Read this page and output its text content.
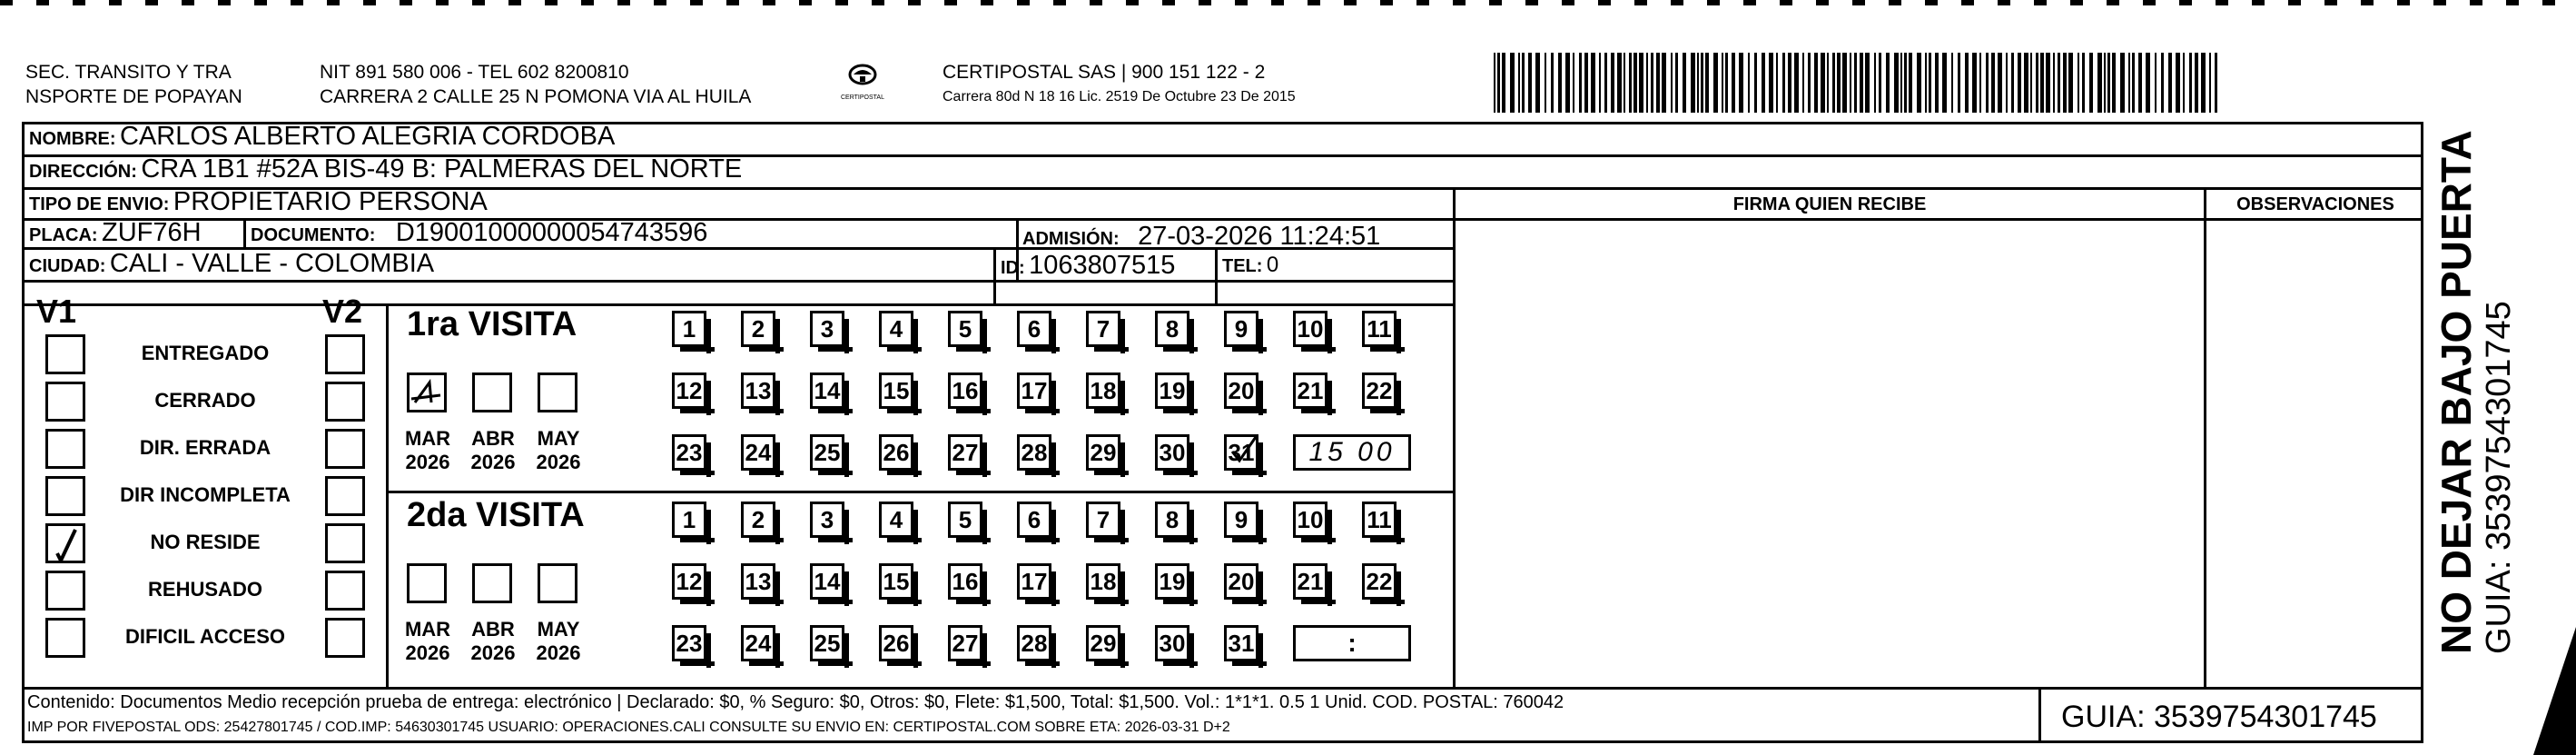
SEC. TRANSITO Y TRA
NSPORTE DE POPAYAN
NIT 891 580 006 - TEL 602 8200810
CARRERA 2 CALLE 25 N POMONA VIA AL HUILA	CERTIPOSTAL
CERTIPOSTAL SAS | 900 151 122 - 2
Carrera 80d N 18 16 Lic. 2519 De Octubre 23 De 2015
NOMBRE: CARLOS ALBERTO ALEGRIA CORDOBA
DIRECCIÓN: CRA 1B1 #52A BIS-49 B: PALMERAS DEL NORTE
TIPO DE ENVIO: PROPIETARIO PERSONA
PLACA: ZUF76H	DOCUMENTO: D19001000000054743596	ADMISIÓN: 27-03-2026 11:24:51
CIUDAD: CALI - VALLE - COLOMBIA	ID: 1063807515	TEL: 0
FIRMA QUIEN RECIBE	OBSERVACIONES
V1	V2
ENTREGADO
CERRADO
DIR. ERRADA
DIR INCOMPLETA
NO RESIDE
REHUSADO
DIFICIL ACCESO
1ra VISITA
2da VISITA
MAR
2026
ABR
2026
MAY
2026
1 2 3 4 5 6 7 8 9 10 11
12 13 14 15 16 17 18 19 20 21 22
23 24 25 26 27 28 29 30 31	15 00
MAR
2026
ABR
2026
MAY
2026
1 2 3 4 5 6 7 8 9 10 11
12 13 14 15 16 17 18 19 20 21 22
23 24 25 26 27 28 29 30 31	:
Contenido: Documentos Medio recepción prueba de entrega: electrónico | Declarado: $0, % Seguro: $0, Otros: $0, Flete: $1,500, Total: $1,500. Vol.: 1*1*1. 0.5 1 Unid. COD. POSTAL: 760042
IMP POR FIVEPOSTAL ODS: 25427801745 / COD.IMP: 54630301745 USUARIO: OPERACIONES.CALI CONSULTE SU ENVIO EN: CERTIPOSTAL.COM SOBRE ETA: 2026-03-31 D+2	GUIA: 3539754301745
NO DEJAR BAJO PUERTA GUIA: 3539754301745
